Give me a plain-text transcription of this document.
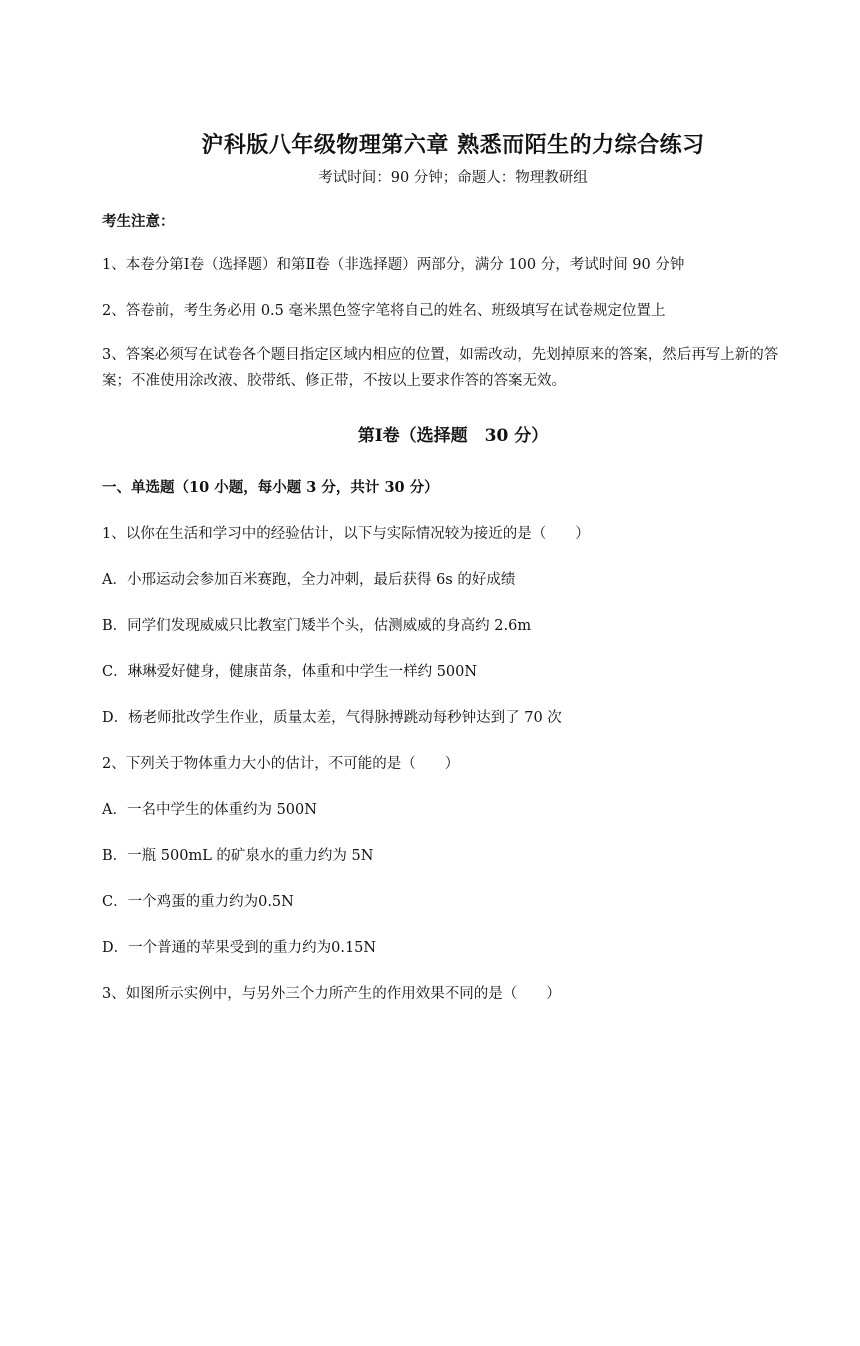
沪科版八年级物理第六章 熟悉而陌生的力综合练习
考试时间：90 分钟；命题人：物理教研组
考生注意：
1、本卷分第Ⅰ卷（选择题）和第Ⅱ卷（非选择题）两部分，满分 100 分，考试时间 90 分钟
2、答卷前，考生务必用 0.5 毫米黑色签字笔将自己的姓名、班级填写在试卷规定位置上
3、答案必须写在试卷各个题目指定区域内相应的位置，如需改动，先划掉原来的答案，然后再写上新的答案；不准使用涂改液、胶带纸、修正带，不按以上要求作答的答案无效。
第Ⅰ卷（选择题　30 分）
一、单选题（10 小题，每小题 3 分，共计 30 分）
1、以你在生活和学习中的经验估计，以下与实际情况较为接近的是（　　）
A．小邢运动会参加百米赛跑，全力冲刺，最后获得 6s 的好成绩
B．同学们发现威威只比教室门矮半个头，估测威威的身高约 2.6m
C．琳琳爱好健身，健康苗条，体重和中学生一样约 500N
D．杨老师批改学生作业，质量太差，气得脉搏跳动每秒钟达到了 70 次
2、下列关于物体重力大小的估计，不可能的是（　　）
A．一名中学生的体重约为 500N
B．一瓶 500mL 的矿泉水的重力约为 5N
C．一个鸡蛋的重力约为0.5N
D．一个普通的苹果受到的重力约为0.15N
3、如图所示实例中，与另外三个力所产生的作用效果不同的是（　　）
